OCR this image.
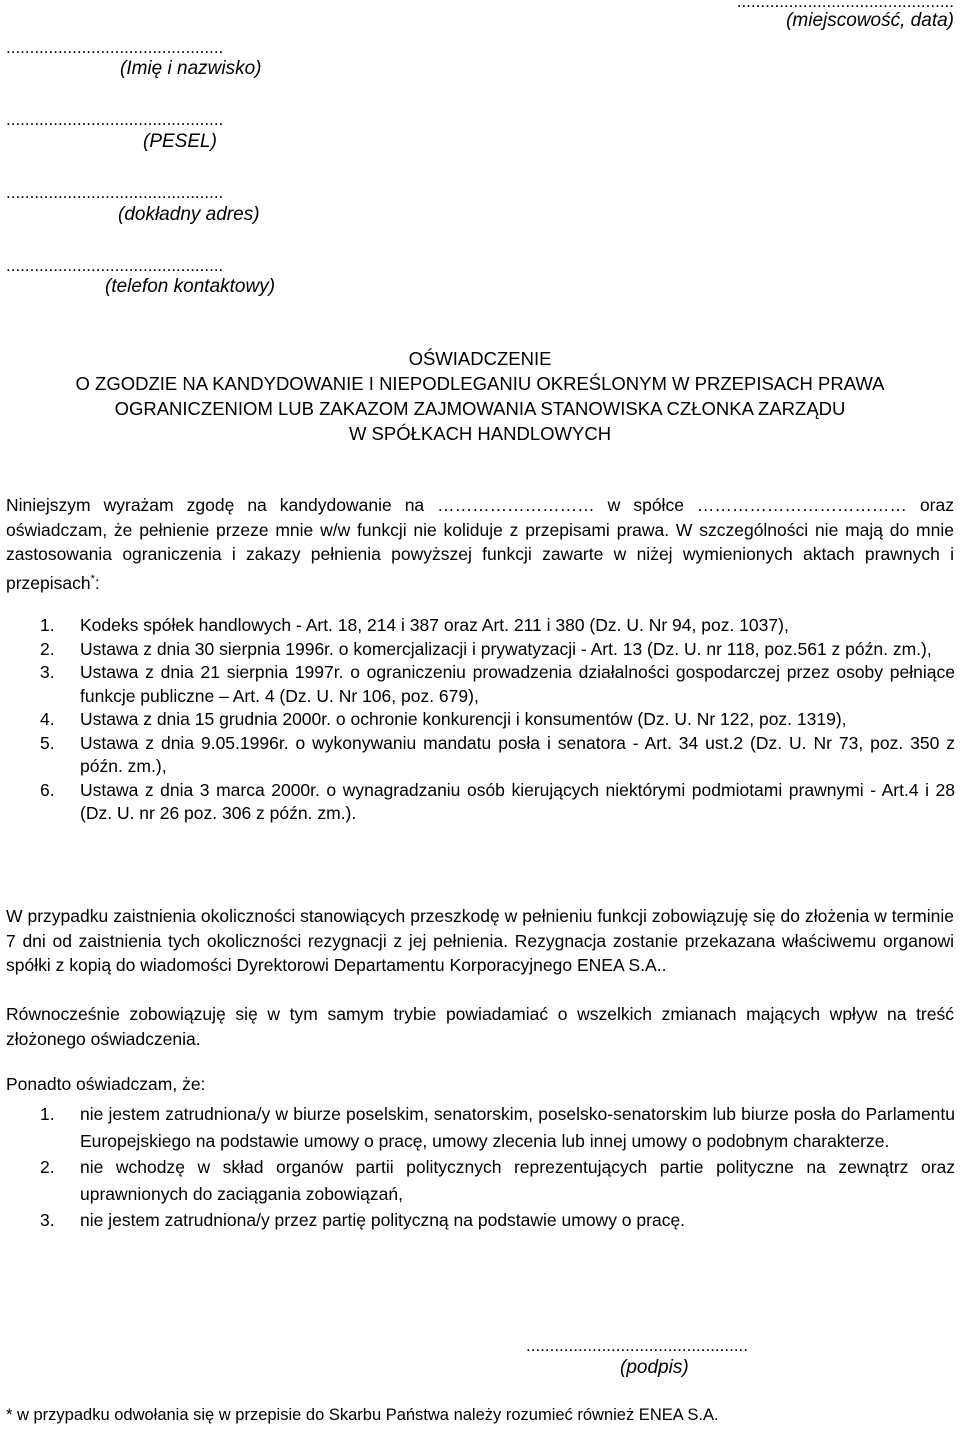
..............................................
(miejscowość, data)
..............................................
(Imię i nazwisko)
..............................................
(PESEL)
..............................................
(dokładny adres)
..............................................
(telefon kontaktowy)
OŚWIADCZENIE
O ZGODZIE NA KANDYDOWANIE I NIEPODLEGANIU OKREŚLONYM W PRZEPISACH PRAWA
OGRANICZENIOM LUB ZAKAZOM ZAJMOWANIA STANOWISKA CZŁONKA ZARZĄDU
W SPÓŁKACH HANDLOWYCH
Niniejszym wyrażam zgodę na kandydowanie na ……………………… w spółce ……………………………… oraz oświadczam, że pełnienie przeze mnie w/w funkcji nie koliduje z przepisami prawa. W szczególności nie mają do mnie zastosowania ograniczenia i zakazy pełnienia powyższej funkcji zawarte w niżej wymienionych aktach prawnych i przepisach*:
1.	Kodeks spółek handlowych - Art. 18, 214 i 387 oraz Art. 211 i 380 (Dz. U. Nr 94, poz. 1037),
2.	Ustawa z dnia 30 sierpnia 1996r. o komercjalizacji i prywatyzacji - Art. 13 (Dz. U. nr 118, poz.561 z późn. zm.),
3.	Ustawa z dnia 21 sierpnia 1997r. o ograniczeniu prowadzenia działalności gospodarczej przez osoby pełniące funkcje publiczne – Art. 4 (Dz. U. Nr 106, poz. 679),
4.	Ustawa z dnia 15 grudnia 2000r. o ochronie konkurencji i konsumentów (Dz. U. Nr 122, poz. 1319),
5.	Ustawa z dnia 9.05.1996r. o wykonywaniu mandatu posła i senatora - Art. 34 ust.2 (Dz. U. Nr 73, poz. 350 z późn. zm.),
6.	Ustawa z dnia 3 marca 2000r. o wynagradzaniu osób kierujących niektórymi podmiotami prawnymi - Art.4 i 28 (Dz. U. nr 26 poz. 306 z późn. zm.).
W przypadku zaistnienia okoliczności stanowiących przeszkodę w pełnieniu funkcji zobowiązuję się do złożenia w terminie 7 dni od zaistnienia tych okoliczności rezygnacji z jej pełnienia. Rezygnacja zostanie przekazana właściwemu organowi spółki z kopią do wiadomości Dyrektorowi Departamentu Korporacyjnego ENEA S.A..
Równocześnie zobowiązuję się w tym samym trybie powiadamiać o wszelkich zmianach mających wpływ na treść złożonego oświadczenia.
Ponadto oświadczam, że:
1.	nie jestem zatrudniona/y w biurze poselskim, senatorskim, poselsko-senatorskim lub biurze posła do Parlamentu Europejskiego na podstawie umowy o pracę, umowy zlecenia lub innej umowy o podobnym charakterze.
2.	nie wchodzę w skład organów partii politycznych reprezentujących partie polityczne na zewnątrz oraz uprawnionych do zaciągania zobowiązań,
3.	nie jestem zatrudniona/y przez partię polityczną na podstawie umowy o pracę.
...............................................
(podpis)
* w przypadku odwołania się w przepisie do Skarbu Państwa należy rozumieć również ENEA S.A.
